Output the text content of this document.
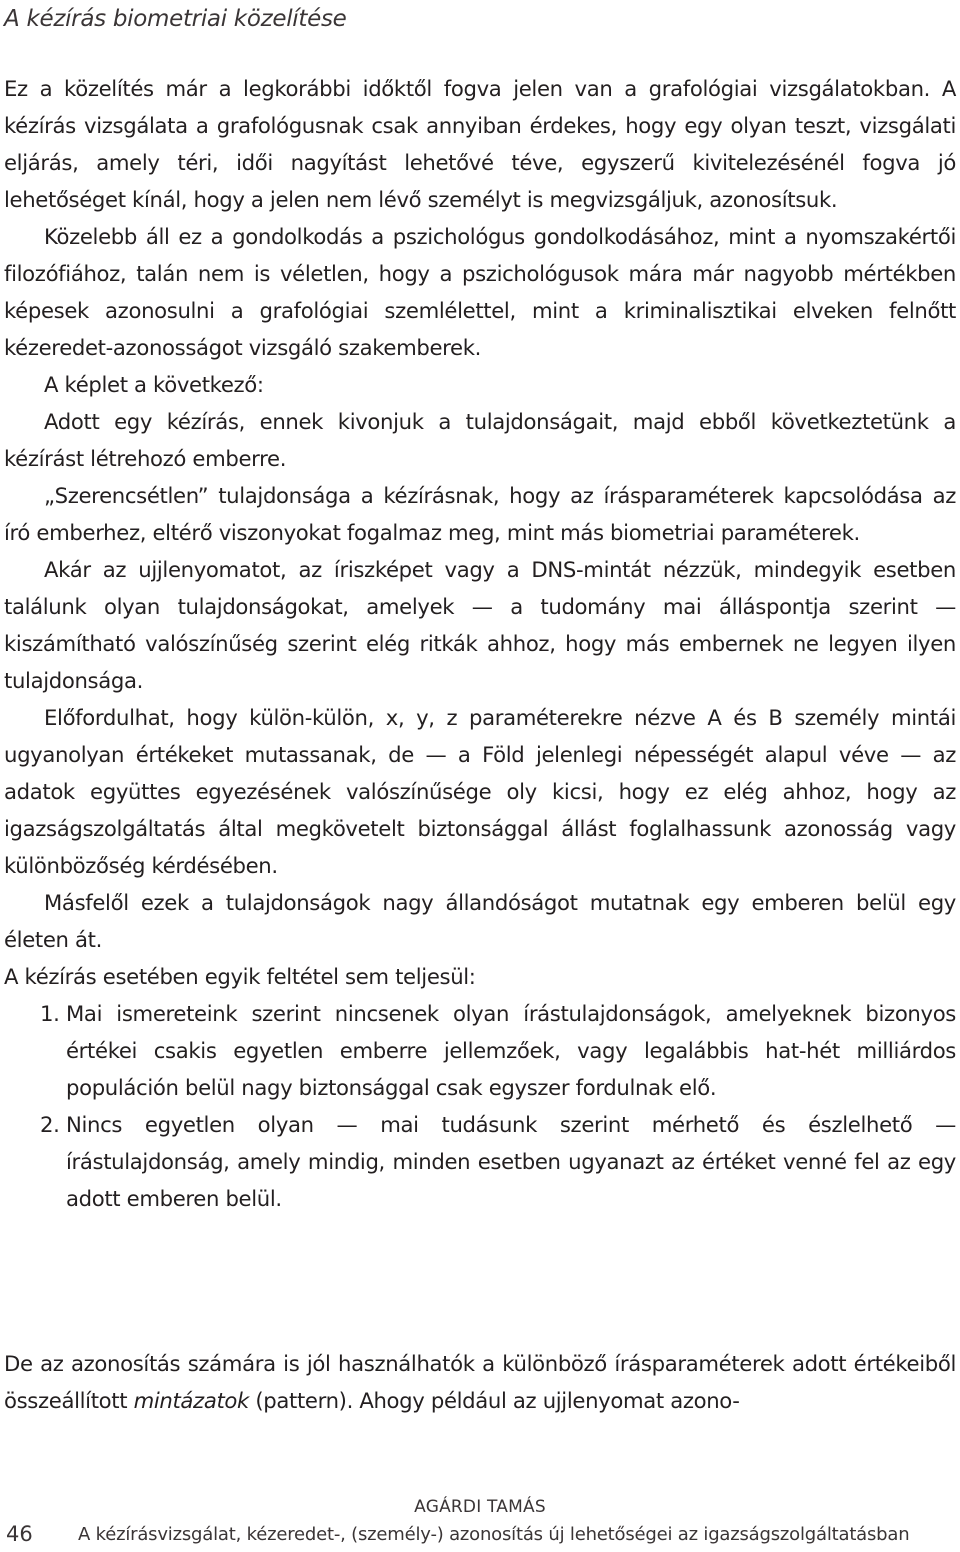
A kézírás biometriai közelítése

Ez a közelítés már a legkorábbi időktől fogva jelen van a grafológiai vizsgálatokban. A kézírás vizsgálata a grafológusnak csak annyiban érdekes, hogy egy olyan teszt, vizsgálati eljárás, amely téri, idői nagyítást lehetővé téve, egyszerű kivitelezésénél fogva jó lehetőséget kínál, hogy a jelen nem lévő személyt is megvizsgáljuk, azonosítsuk.

Közelebb áll ez a gondolkodás a pszichológus gondolkodásához, mint a nyomszakértői filozófiához, talán nem is véletlen, hogy a pszichológusok mára már nagyobb mértékben képesek azonosulni a grafológiai szemlélettel, mint a kriminalisztikai elveken felnőtt kézeredet-azonosságot vizsgáló szakemberek.

A képlet a következő:

Adott egy kézírás, ennek kivonjuk a tulajdonságait, majd ebből következtetünk a kézírást létrehozó emberre.

„Szerencsétlen” tulajdonsága a kézírásnak, hogy az írásparaméterek kapcsolódása az író emberhez, eltérő viszonyokat fogalmaz meg, mint más biometriai paraméterek.

Akár az ujjlenyomatot, az íriszképet vagy a DNS-mintát nézzük, mindegyik esetben találunk olyan tulajdonságokat, amelyek — a tudomány mai álláspontja szerint — kiszámítható valószínűség szerint elég ritkák ahhoz, hogy más embernek ne legyen ilyen tulajdonsága.

Előfordulhat, hogy külön-külön, x, y, z paraméterekre nézve A és B személy mintái ugyanolyan értékeket mutassanak, de — a Föld jelenlegi népességét alapul véve — az adatok együttes egyezésének valószínűsége oly kicsi, hogy ez elég ahhoz, hogy az igazságszolgáltatás által megkövetelt biztonsággal állást foglalhassunk azonosság vagy különbözőség kérdésében.

Másfelől ezek a tulajdonságok nagy állandóságot mutatnak egy emberen belül egy életen át.

A kézírás esetében egyik feltétel sem teljesül:

1. Mai ismereteink szerint nincsenek olyan írástulajdonságok, amelyeknek bizonyos értékei csakis egyetlen emberre jellemzőek, vagy legalábbis hat-hét milliárdos populáción belül nagy biztonsággal csak egyszer fordulnak elő.
2. Nincs egyetlen olyan — mai tudásunk szerint mérhető és észlelhető — írástulajdonság, amely mindig, minden esetben ugyanazt az értéket venné fel az egy adott emberen belül.

De az azonosítás számára is jól használhatók a különböző írásparaméterek adott értékeiből összeállított mintázatok (pattern). Ahogy például az ujjlenyomat azono-

AGÁRDI TAMÁS
46	A kézírásvizsgálat, kézeredet-, (személy-) azonosítás új lehetőségei az igazságszolgáltatásban
